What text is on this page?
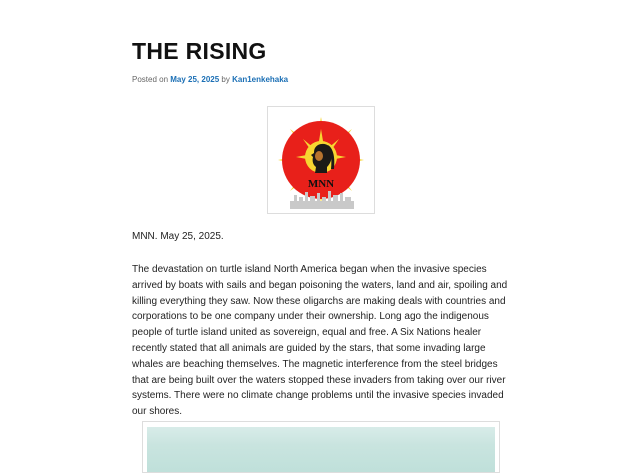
THE RISING
Posted on May 25, 2025 by Kan1enkehaka
MNN
MNN. May 25, 2025.

The devastation on turtle island North America began when the invasive species arrived by boats with sails and began poisoning the waters, land and air, spoiling and killing everything they saw. Now these oligarchs are making deals with countries and corporations to be one company under their ownership. Long ago the indigenous people of turtle island united as sovereign, equal and free. A Six Nations healer recently stated that all animals are guided by the stars, that some invading large whales are beaching themselves. The magnetic interference from the steel bridges that are being built over the waters stopped these invaders from taking over our river systems. There were no climate change problems until the invasive species invaded our shores.
